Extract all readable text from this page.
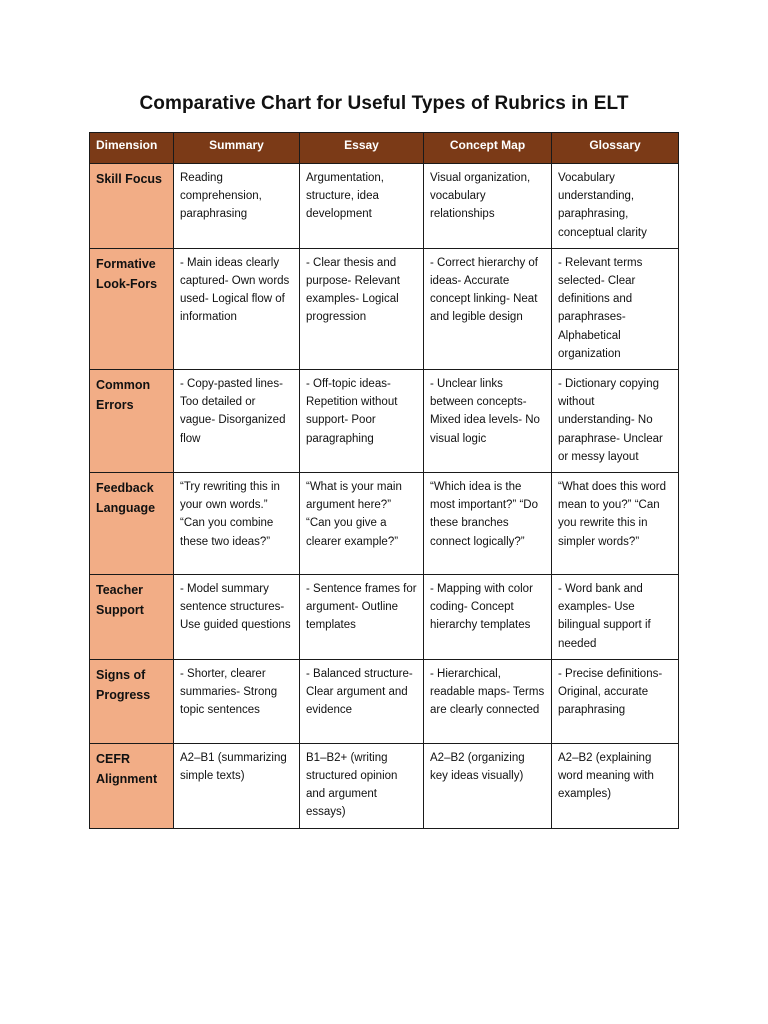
Comparative Chart for Useful Types of Rubrics in ELT
Dimension	Summary	Essay	Concept Map	Glossary
Skill Focus	Reading comprehension, paraphrasing	Argumentation, structure, idea development	Visual organization, vocabulary relationships	Vocabulary understanding, paraphrasing, conceptual clarity
Formative Look-Fors	- Main ideas clearly captured- Own words used- Logical flow of information	- Clear thesis and purpose- Relevant examples- Logical progression	- Correct hierarchy of ideas- Accurate concept linking- Neat and legible design	- Relevant terms selected- Clear definitions and paraphrases- Alphabetical organization
Common Errors	- Copy-pasted lines- Too detailed or vague- Disorganized flow	- Off-topic ideas- Repetition without support- Poor paragraphing	- Unclear links between concepts- Mixed idea levels- No visual logic	- Dictionary copying without understanding- No paraphrase- Unclear or messy layout
Feedback Language	“Try rewriting this in your own words.” “Can you combine these two ideas?”	“What is your main argument here?” “Can you give a clearer example?”	“Which idea is the most important?” “Do these branches connect logically?”	“What does this word mean to you?” “Can you rewrite this in simpler words?”
Teacher Support	- Model summary sentence structures- Use guided questions	- Sentence frames for argument- Outline templates	- Mapping with color coding- Concept hierarchy templates	- Word bank and examples- Use bilingual support if needed
Signs of Progress	- Shorter, clearer summaries- Strong topic sentences	- Balanced structure- Clear argument and evidence	- Hierarchical, readable maps- Terms are clearly connected	- Precise definitions- Original, accurate paraphrasing
CEFR Alignment	A2–B1 (summarizing simple texts)	B1–B2+ (writing structured opinion and argument essays)	A2–B2 (organizing key ideas visually)	A2–B2 (explaining word meaning with examples)
